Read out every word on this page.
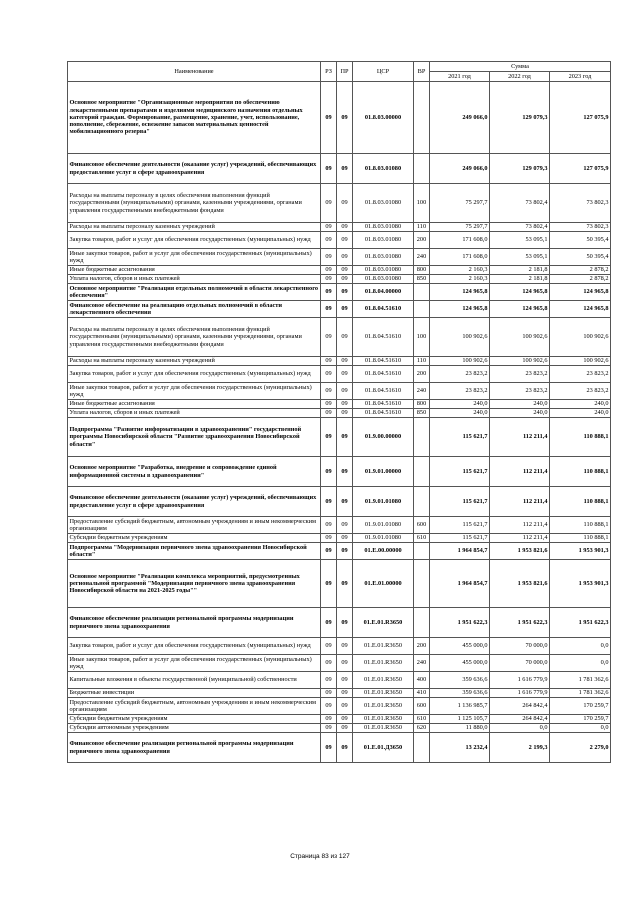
Наименование	РЗ	ПР	ЦСР	ВР	Сумма		
					2021 год	2022 год	2023 год
Основное мероприятие "Организационные мероприятия по обеспечению лекарственными препаратами и изделиями медицинского назначения отдельных категорий граждан. Формирование, размещение, хранение, учет, использование, пополнение, сбережение, освежение запасов материальных ценностей мобилизационного резерва"	09	09	01.8.03.00000		249 066,0	129 079,3	127 075,9
Финансовое обеспечение деятельности (оказание услуг) учреждений, обеспечивающих предоставление услуг в сфере здравоохранения	09	09	01.8.03.01080		249 066,0	129 079,3	127 075,9
Расходы на выплаты персоналу в целях обеспечения выполнения функций государственными (муниципальными) органами, казенными учреждениями, органами управления государственными внебюджетными фондами	09	09	01.8.03.01080	100	75 297,7	73 802,4	73 802,3
Расходы на выплаты персоналу казенных учреждений	09	09	01.8.03.01080	110	75 297,7	73 802,4	73 802,3
Закупка товаров, работ и услуг для обеспечения государственных (муниципальных) нужд	09	09	01.8.03.01080	200	171 608,0	53 095,1	50 395,4
Иные закупки товаров, работ и услуг для обеспечения государственных (муниципальных) нужд	09	09	01.8.03.01080	240	171 608,0	53 095,1	50 395,4
Иные бюджетные ассигнования	09	09	01.8.03.01080	800	2 160,3	2 181,8	2 878,2
Уплата налогов, сборов и иных платежей	09	09	01.8.03.01080	850	2 160,3	2 181,8	2 878,2
Основное мероприятие "Реализация отдельных полномочий в области лекарственного обеспечения"	09	09	01.8.04.00000		124 965,8	124 965,8	124 965,8
Финансовое обеспечение на реализацию отдельных полномочий в области лекарственного обеспечения	09	09	01.8.04.51610		124 965,8	124 965,8	124 965,8
Расходы на выплаты персоналу в целях обеспечения выполнения функций государственными (муниципальными) органами, казенными учреждениями, органами управления государственными внебюджетными фондами	09	09	01.8.04.51610	100	100 902,6	100 902,6	100 902,6
Расходы на выплаты персоналу казенных учреждений	09	09	01.8.04.51610	110	100 902,6	100 902,6	100 902,6
Закупка товаров, работ и услуг для обеспечения государственных (муниципальных) нужд	09	09	01.8.04.51610	200	23 823,2	23 823,2	23 823,2
Иные закупки товаров, работ и услуг для обеспечения государственных (муниципальных) нужд	09	09	01.8.04.51610	240	23 823,2	23 823,2	23 823,2
Иные бюджетные ассигнования	09	09	01.8.04.51610	800	240,0	240,0	240,0
Уплата налогов, сборов и иных платежей	09	09	01.8.04.51610	850	240,0	240,0	240,0
Подпрограмма "Развитие информатизации в здравоохранении" государственной программы Новосибирской области "Развитие здравоохранения Новосибирской области"	09	09	01.9.00.00000		115 621,7	112 211,4	110 888,1
Основное мероприятие "Разработка, внедрение и сопровождение единой информационной системы в здравоохранении"	09	09	01.9.01.00000		115 621,7	112 211,4	110 888,1
Финансовое обеспечение деятельности (оказание услуг) учреждений, обеспечивающих предоставление услуг в сфере здравоохранения	09	09	01.9.01.01080		115 621,7	112 211,4	110 888,1
Предоставление субсидий бюджетным, автономным учреждениям и иным некоммерческим организациям	09	09	01.9.01.01080	600	115 621,7	112 211,4	110 888,1
Субсидии бюджетным учреждениям	09	09	01.9.01.01080	610	115 621,7	112 211,4	110 888,1
Подпрограмма "Модернизация первичного звена здравоохранения Новосибирской области"	09	09	01.Е.00.00000		1 964 854,7	1 953 821,6	1 953 901,3
Основное мероприятие "Реализация комплекса мероприятий, предусмотренных региональной программой "Модернизация первичного звена здравоохранения Новосибирской области на 2021-2025 годы""	09	09	01.Е.01.00000		1 964 854,7	1 953 821,6	1 953 901,3
Финансовое обеспечение реализации региональной программы модернизации первичного звена здравоохранения	09	09	01.Е.01.R3650		1 951 622,3	1 951 622,3	1 951 622,3
Закупка товаров, работ и услуг для обеспечения государственных (муниципальных) нужд	09	09	01.Е.01.R3650	200	455 000,0	70 000,0	0,0
Иные закупки товаров, работ и услуг для обеспечения государственных (муниципальных) нужд	09	09	01.Е.01.R3650	240	455 000,0	70 000,0	0,0
Капитальные вложения в объекты государственной (муниципальной) собственности	09	09	01.Е.01.R3650	400	359 636,6	1 616 779,9	1 781 362,6
Бюджетные инвестиции	09	09	01.Е.01.R3650	410	359 636,6	1 616 779,9	1 781 362,6
Предоставление субсидий бюджетным, автономным учреждениям и иным некоммерческим организациям	09	09	01.Е.01.R3650	600	1 136 985,7	264 842,4	170 259,7
Субсидии бюджетным учреждениям	09	09	01.Е.01.R3650	610	1 125 105,7	264 842,4	170 259,7
Субсидии автономным учреждениям	09	09	01.Е.01.R3650	620	11 880,0	0,0	0,0
Финансовое обеспечение реализации региональной программы модернизации первичного звена здравоохранения	09	09	01.Е.01.Д3650		13 232,4	2 199,3	2 279,0
Страница 83 из 127
